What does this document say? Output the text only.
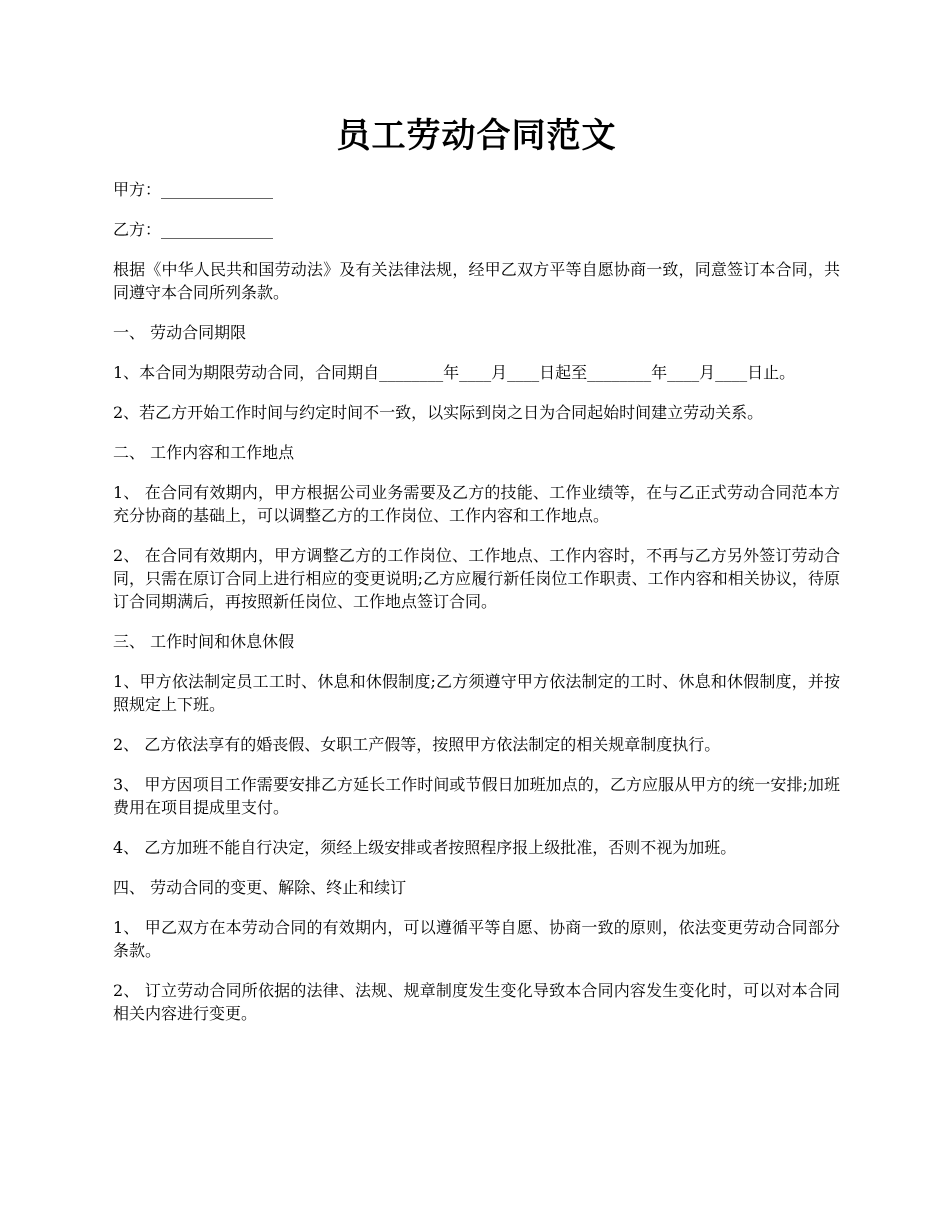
员工劳动合同范文

甲方：______________

乙方：______________

根据《中华人民共和国劳动法》及有关法律法规，经甲乙双方平等自愿协商一致，同意签订本合同，共同遵守本合同所列条款。

一、 劳动合同期限

1、本合同为期限劳动合同，合同期自________年____月____日起至________年____月____日止。

2、若乙方开始工作时间与约定时间不一致，以实际到岗之日为合同起始时间建立劳动关系。

二、 工作内容和工作地点

1、 在合同有效期内，甲方根据公司业务需要及乙方的技能、工作业绩等，在与乙正式劳动合同范本方充分协商的基础上，可以调整乙方的工作岗位、工作内容和工作地点。

2、 在合同有效期内，甲方调整乙方的工作岗位、工作地点、工作内容时，不再与乙方另外签订劳动合同，只需在原订合同上进行相应的变更说明;乙方应履行新任岗位工作职责、工作内容和相关协议，待原订合同期满后，再按照新任岗位、工作地点签订合同。

三、 工作时间和休息休假

1、甲方依法制定员工工时、休息和休假制度;乙方须遵守甲方依法制定的工时、休息和休假制度，并按照规定上下班。

2、 乙方依法享有的婚丧假、女职工产假等，按照甲方依法制定的相关规章制度执行。

3、 甲方因项目工作需要安排乙方延长工作时间或节假日加班加点的，乙方应服从甲方的统一安排;加班费用在项目提成里支付。

4、 乙方加班不能自行决定，须经上级安排或者按照程序报上级批准，否则不视为加班。

四、 劳动合同的变更、解除、终止和续订

1、 甲乙双方在本劳动合同的有效期内，可以遵循平等自愿、协商一致的原则，依法变更劳动合同部分条款。

2、 订立劳动合同所依据的法律、法规、规章制度发生变化导致本合同内容发生变化时，可以对本合同相关内容进行变更。
